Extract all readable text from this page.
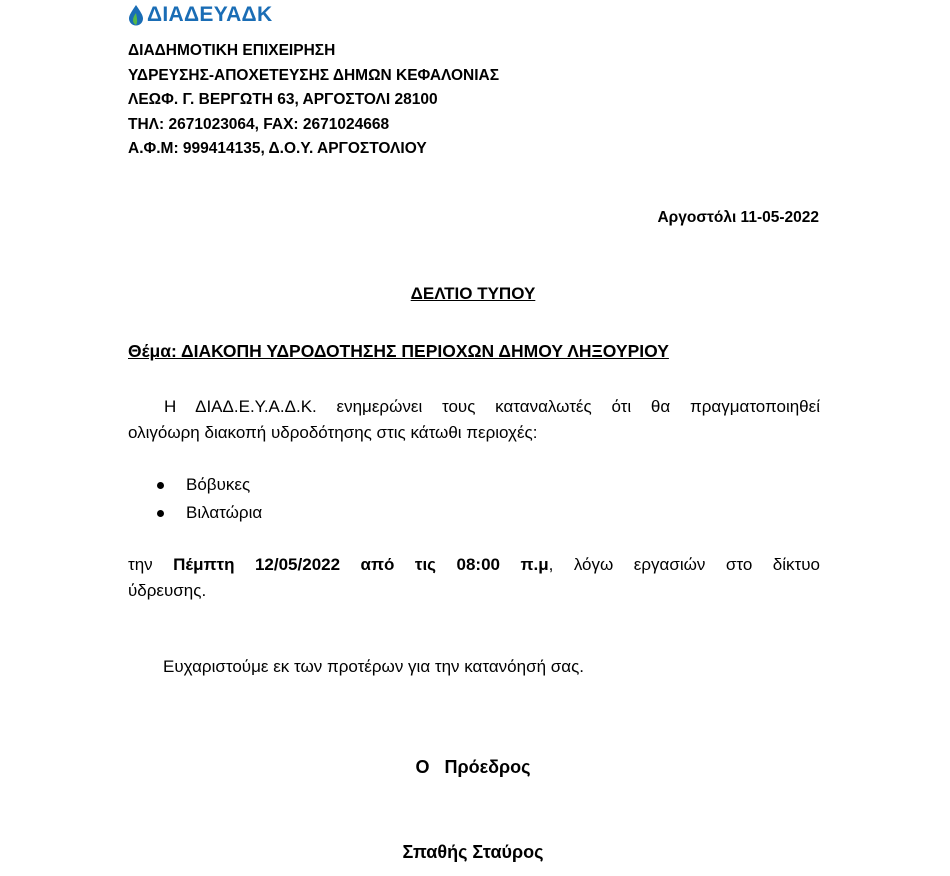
ΔΙΑΔΕΥΑΔΚ
ΔΙΑΔΗΜΟΤΙΚΗ ΕΠΙΧΕΙΡΗΣΗ
ΥΔΡΕΥΣΗΣ-ΑΠΟΧΕΤΕΥΣΗΣ ΔΗΜΩΝ ΚΕΦΑΛΟΝΙΑΣ
ΛΕΩΦ. Γ. ΒΕΡΓΩΤΗ 63, ΑΡΓΟΣΤΟΛΙ 28100
ΤΗΛ: 2671023064, FAX: 2671024668
Α.Φ.Μ: 999414135, Δ.Ο.Υ. ΑΡΓΟΣΤΟΛΙΟΥ
Αργοστόλι 11-05-2022
ΔΕΛΤΙΟ ΤΥΠΟΥ
Θέμα: ΔΙΑΚΟΠΗ ΥΔΡΟΔΟΤΗΣΗΣ ΠΕΡΙΟΧΩΝ ΔΗΜΟΥ ΛΗΞΟΥΡΙΟΥ
Η ΔΙΑΔ.Ε.Υ.Α.Δ.Κ. ενημερώνει τους καταναλωτές ότι θα πραγματοποιηθεί
ολιγόωρη διακοπή υδροδότησης στις κάτωθι περιοχές:
Βόβυκες
Βιλατώρια
την Πέμπτη 12/05/2022 από τις 08:00 π.μ, λόγω εργασιών στο δίκτυο
ύδρευσης.
Ευχαριστούμε εκ των προτέρων για την κατανόησή σας.
Ο   Πρόεδρος
Σπαθής Σταύρος
